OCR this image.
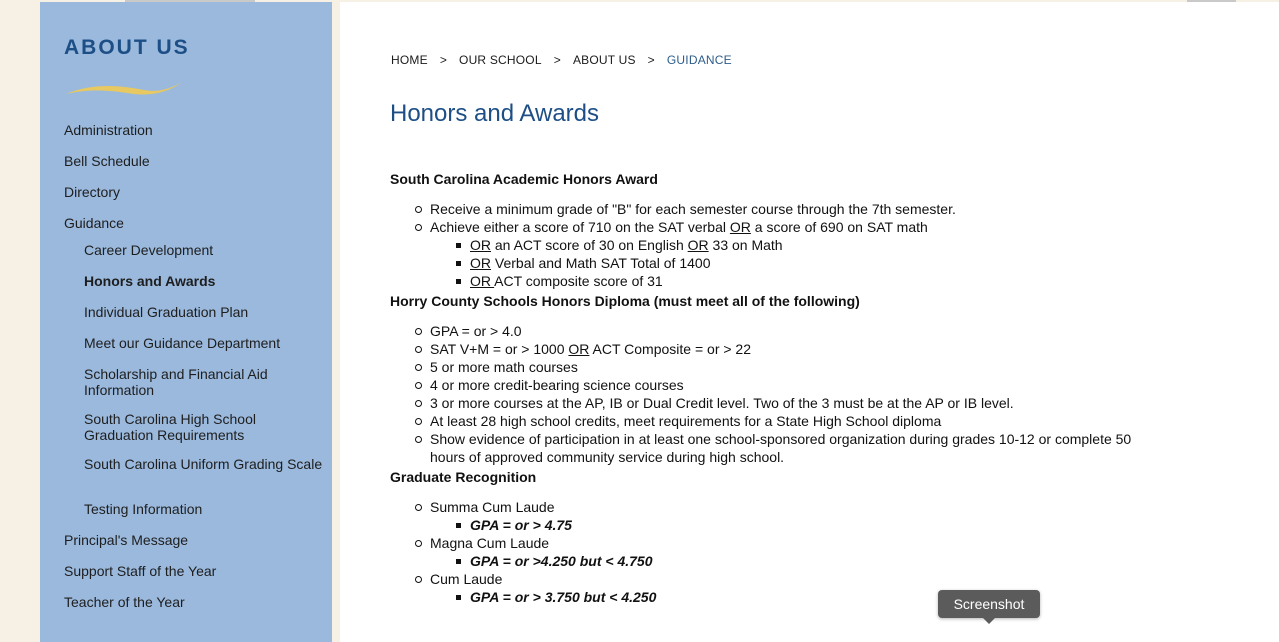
ABOUT US
Administration
Bell Schedule
Directory
Guidance
Career Development
Honors and Awards
Individual Graduation Plan
Meet our Guidance Department
Scholarship and Financial Aid Information
South Carolina High School Graduation Requirements
South Carolina Uniform Grading Scale
Testing Information
Principal's Message
Support Staff of the Year
Teacher of the Year
HOME > OUR SCHOOL > ABOUT US > GUIDANCE
Honors and Awards
South Carolina Academic Honors Award
Receive a minimum grade of "B" for each semester course through the 7th semester.
Achieve either a score of 710 on the SAT verbal OR a score of 690 on SAT math
OR an ACT score of 30 on English OR 33 on Math
OR Verbal and Math SAT Total of 1400
OR ACT composite score of 31
Horry County Schools Honors Diploma (must meet all of the following)
GPA = or > 4.0
SAT V+M = or > 1000 OR ACT Composite = or > 22
5 or more math courses
4 or more credit-bearing science courses
3 or more courses at the AP, IB or Dual Credit level. Two of the 3 must be at the AP or IB level.
At least 28 high school credits, meet requirements for a State High School diploma
Show evidence of participation in at least one school-sponsored organization during grades 10-12 or complete 50 hours of approved community service during high school.
Graduate Recognition
Summa Cum Laude
GPA = or > 4.75
Magna Cum Laude
GPA = or >4.250 but < 4.750
Cum Laude
GPA = or > 3.750 but < 4.250	Screenshot
